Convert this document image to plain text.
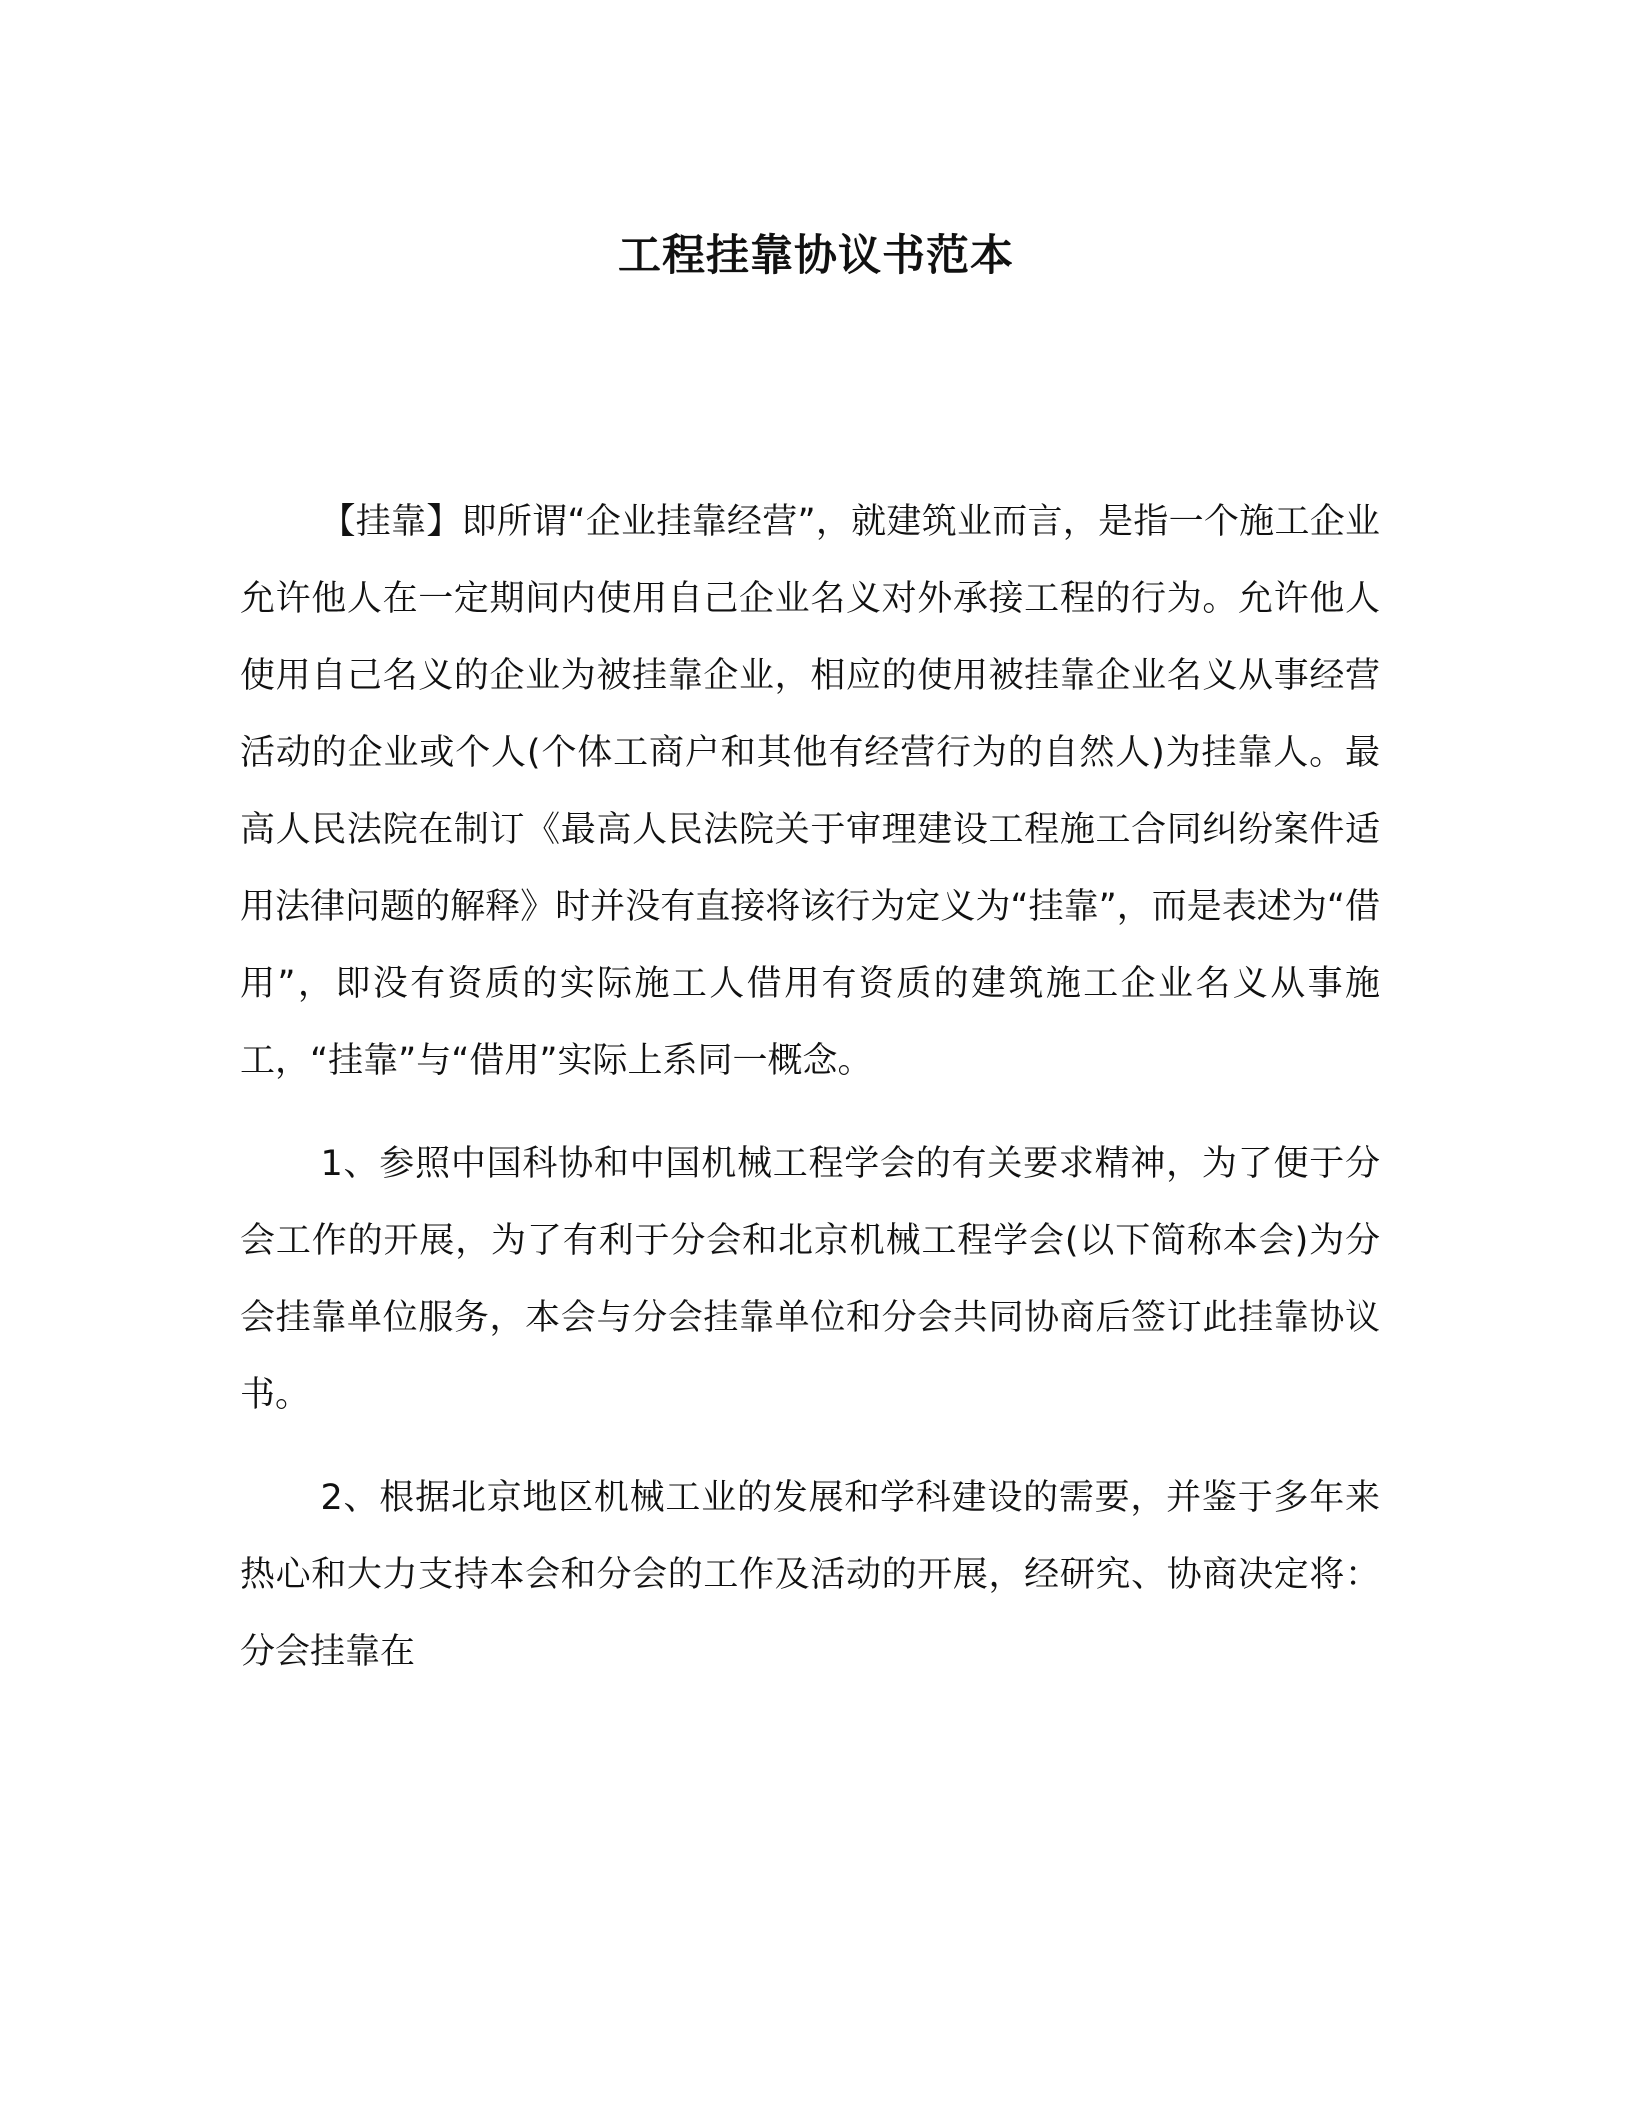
工程挂靠协议书范本

【挂靠】即所谓“企业挂靠经营”，就建筑业而言，是指一个施工企业允许他人在一定期间内使用自己企业名义对外承接工程的行为。允许他人使用自己名义的企业为被挂靠企业，相应的使用被挂靠企业名义从事经营活动的企业或个人(个体工商户和其他有经营行为的自然人)为挂靠人。最高人民法院在制订《最高人民法院关于审理建设工程施工合同纠纷案件适用法律问题的解释》时并没有直接将该行为定义为“挂靠”，而是表述为“借用”，即没有资质的实际施工人借用有资质的建筑施工企业名义从事施工，“挂靠”与“借用”实际上系同一概念。

1、参照中国科协和中国机械工程学会的有关要求精神，为了便于分会工作的开展，为了有利于分会和北京机械工程学会(以下简称本会)为分会挂靠单位服务，本会与分会挂靠单位和分会共同协商后签订此挂靠协议书。

2、根据北京地区机械工业的发展和学科建设的需要，并鉴于多年来热心和大力支持本会和分会的工作及活动的开展，经研究、协商决定将： 分会挂靠在
